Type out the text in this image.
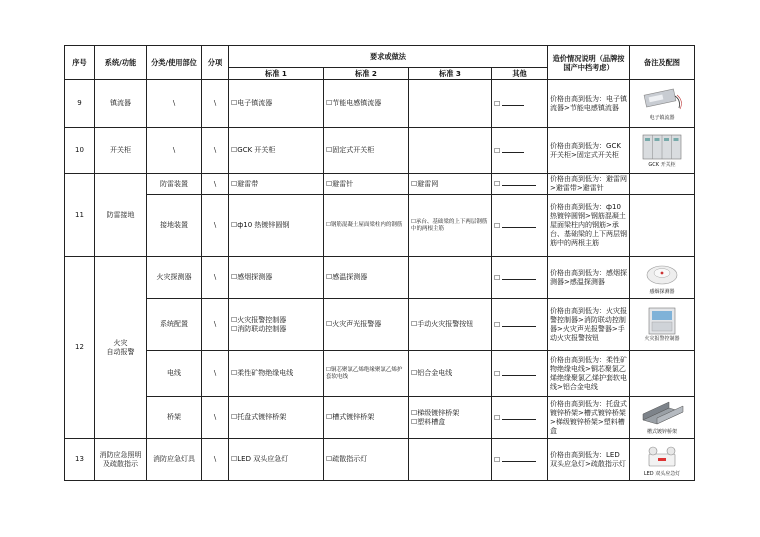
序号	系统/功能	分类/使用部位	分项	要求或做法				造价情况说明（品牌按国产中档考虑）	备注及配图
				标准 1	标准 2	标准 3	其他		
9	镇流器	\	\	☐电子镇流器	☐节能电感镇流器		☐	价格由高到低为：电子镇流器>节能电感镇流器	电子镇流器

10	开关柜	\	\	☐GCK 开关柜	☐固定式开关柜		☐	价格由高到低为：GCK 开关柜>固定式开关柜	GCK 开关柜

11	防雷接地	防雷装置	\	☐避雷带	☐避雷针	☐避雷网	☐	价格由高到低为：避雷网>避雷带>避雷针	
		接地装置	\	☐ф10 热镀锌圆钢	☐钢筋混凝土屋面梁柱内的钢筋	☐承台、基础梁的上下两层钢筋中的两根主筋	☐	价格由高到低为：ф10 热镀锌圆钢>钢筋混凝土屋面梁柱内的钢筋>承台、基础梁的上下两层钢筋中的两根主筋	
12	火灾
自动报警	火灾探测器	\	☐感烟探测器	☐感温探测器		☐	价格由高到低为：感烟探测器>感温探测器	感烟探测器

		系统配置	\	☐火灾报警控制器
☐消防联动控制器	☐火灾声光报警器	☐手动火灾报警按钮	☐	价格由高到低为：火灾报警控制器>消防联动控制器>火灾声光报警器>手动火灾报警按钮	火灾报警控制器

		电线	\	☐柔性矿物绝缘电线	☐铜芯聚氯乙烯绝缘聚氯乙烯护套软电线	☐铝合金电线	☐	价格由高到低为：柔性矿物绝缘电线>铜芯聚氯乙烯绝缘聚氯乙烯护套软电线>铝合金电线	
		桥架	\	☐托盘式镀锌桥架	☐槽式镀锌桥架	☐梯级镀锌桥架
☐塑料槽盒	☐	价格由高到低为：托盘式镀锌桥架>槽式镀锌桥架>梯级镀锌桥架>塑料槽盒	槽式镀锌桥架

13	消防应急照明及疏散指示	消防应急灯具	\	☐LED 双头应急灯	☐疏散指示灯		☐	价格由高到低为：LED 双头应急灯>疏散指示灯	LED 双头应急灯
